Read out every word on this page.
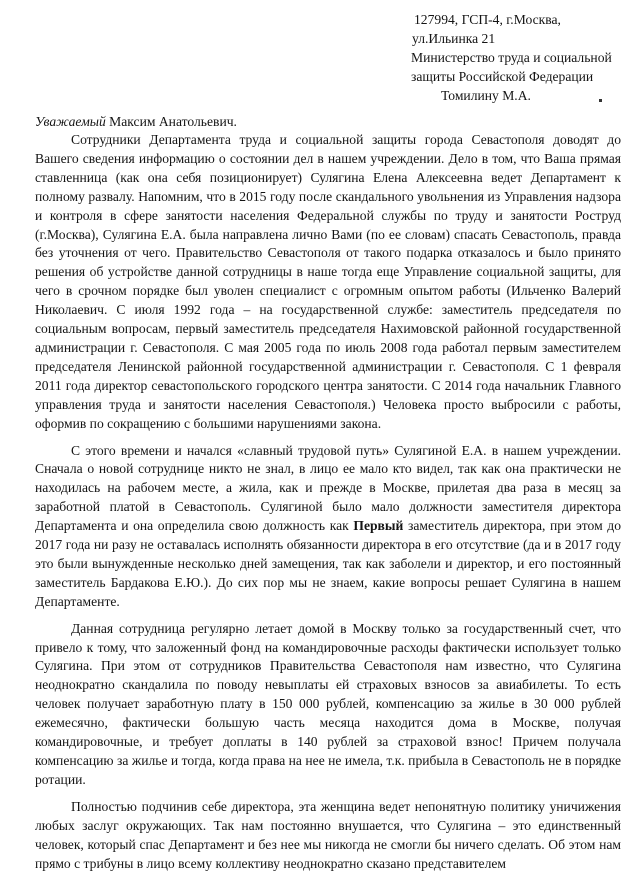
127994, ГСП-4, г.Москва,
ул.Ильинка 21
Министерство труда и социальной
защиты Российской Федерации
Томилину М.А.
Уважаемый Максим Анатольевич.

Сотрудники Департамента труда и социальной защиты города Севастополя доводят до Вашего сведения информацию о состоянии дел в нашем учреждении. Дело в том, что Ваша прямая ставленница (как она себя позиционирует) Сулягина Елена Алексеевна ведет Департамент к полному развалу. Напомним, что в 2015 году после скандального увольнения из Управления надзора и контроля в сфере занятости населения Федеральной службы по труду и занятости Роструд (г.Москва), Сулягина Е.А. была направлена лично Вами (по ее словам) спасать Севастополь, правда без уточнения от чего. Правительство Севастополя от такого подарка отказалось и было принято решения об устройстве данной сотрудницы в наше тогда еще Управление социальной защиты, для чего в срочном порядке был уволен специалист с огромным опытом работы (Ильченко Валерий Николаевич. С июля 1992 года – на государственной службе: заместитель председателя по социальным вопросам, первый заместитель председателя Нахимовской районной государственной администрации г. Севастополя. С мая 2005 года по июль 2008 года работал первым заместителем председателя Ленинской районной государственной администрации г. Севастополя. С 1 февраля 2011 года директор севастопольского городского центра занятости. С 2014 года начальник Главного управления труда и занятости населения Севастополя.) Человека просто выбросили с работы, оформив по сокращению с большими нарушениями закона.

С этого времени и начался «славный трудовой путь» Сулягиной Е.А. в нашем учреждении. Сначала о новой сотруднице никто не знал, в лицо ее мало кто видел, так как она практически не находилась на рабочем месте, а жила, как и прежде в Москве, прилетая два раза в месяц за заработной платой в Севастополь. Сулягиной было мало должности заместителя директора Департамента и она определила свою должность как Первый заместитель директора, при этом до 2017 года ни разу не оставалась исполнять обязанности директора в его отсутствие (да и в 2017 году это были вынужденные несколько дней замещения, так как заболели и директор, и его постоянный заместитель Бардакова Е.Ю.). До сих пор мы не знаем, какие вопросы решает Сулягина в нашем Департаменте.

Данная сотрудница регулярно летает домой в Москву только за государственный счет, что привело к тому, что заложенный фонд на командировочные расходы фактически использует только Сулягина. При этом от сотрудников Правительства Севастополя нам известно, что Сулягина неоднократно скандалила по поводу невыплаты ей страховых взносов за авиабилеты. То есть человек получает заработную плату в 150 000 рублей, компенсацию за жилье в 30 000 рублей ежемесячно, фактически большую часть месяца находится дома в Москве, получая командировочные, и требует доплаты в 140 рублей за страховой взнос! Причем получала компенсацию за жилье и тогда, когда права на нее не имела, т.к. прибыла в Севастополь не в порядке ротации.

Полностью подчинив себе директора, эта женщина ведет непонятную политику уничижения любых заслуг окружающих. Так нам постоянно внушается, что Сулягина – это единственный человек, который спас Департамент и без нее мы никогда не смогли бы ничего сделать. Об этом нам прямо с трибуны в лицо всему коллективу неоднократно сказано представителем
